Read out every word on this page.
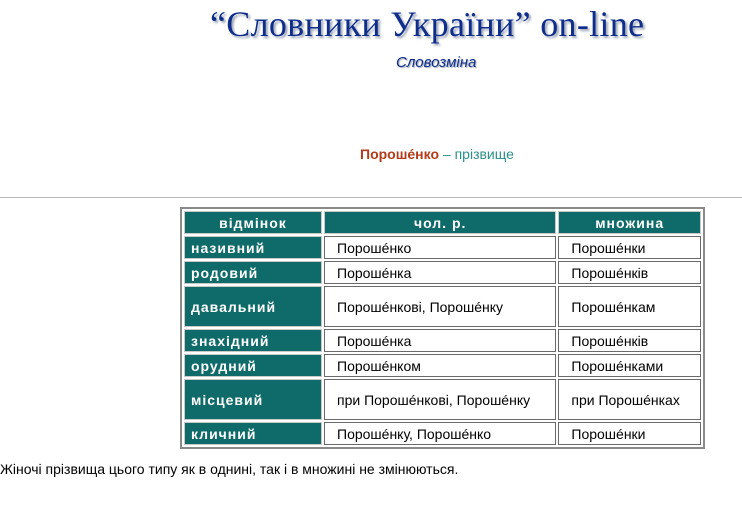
“Словники України” on-line
Словозміна
Порошéнко – прізвище
відмінок	чол. р.	множина
називний	Порошéнко	Порошéнки
родовий	Порошéнка	Порошéнків
давальний	Порошéнкові, Порошéнку	Порошéнкам
знахідний	Порошéнка	Порошéнків
орудний	Порошéнком	Порошéнками
місцевий	при Порошéнкові, Порошéнку	при Порошéнках
кличний	Порошéнку, Порошéнко	Порошéнки
Жіночі прізвища цього типу як в однині, так і в множині не змінюються.
